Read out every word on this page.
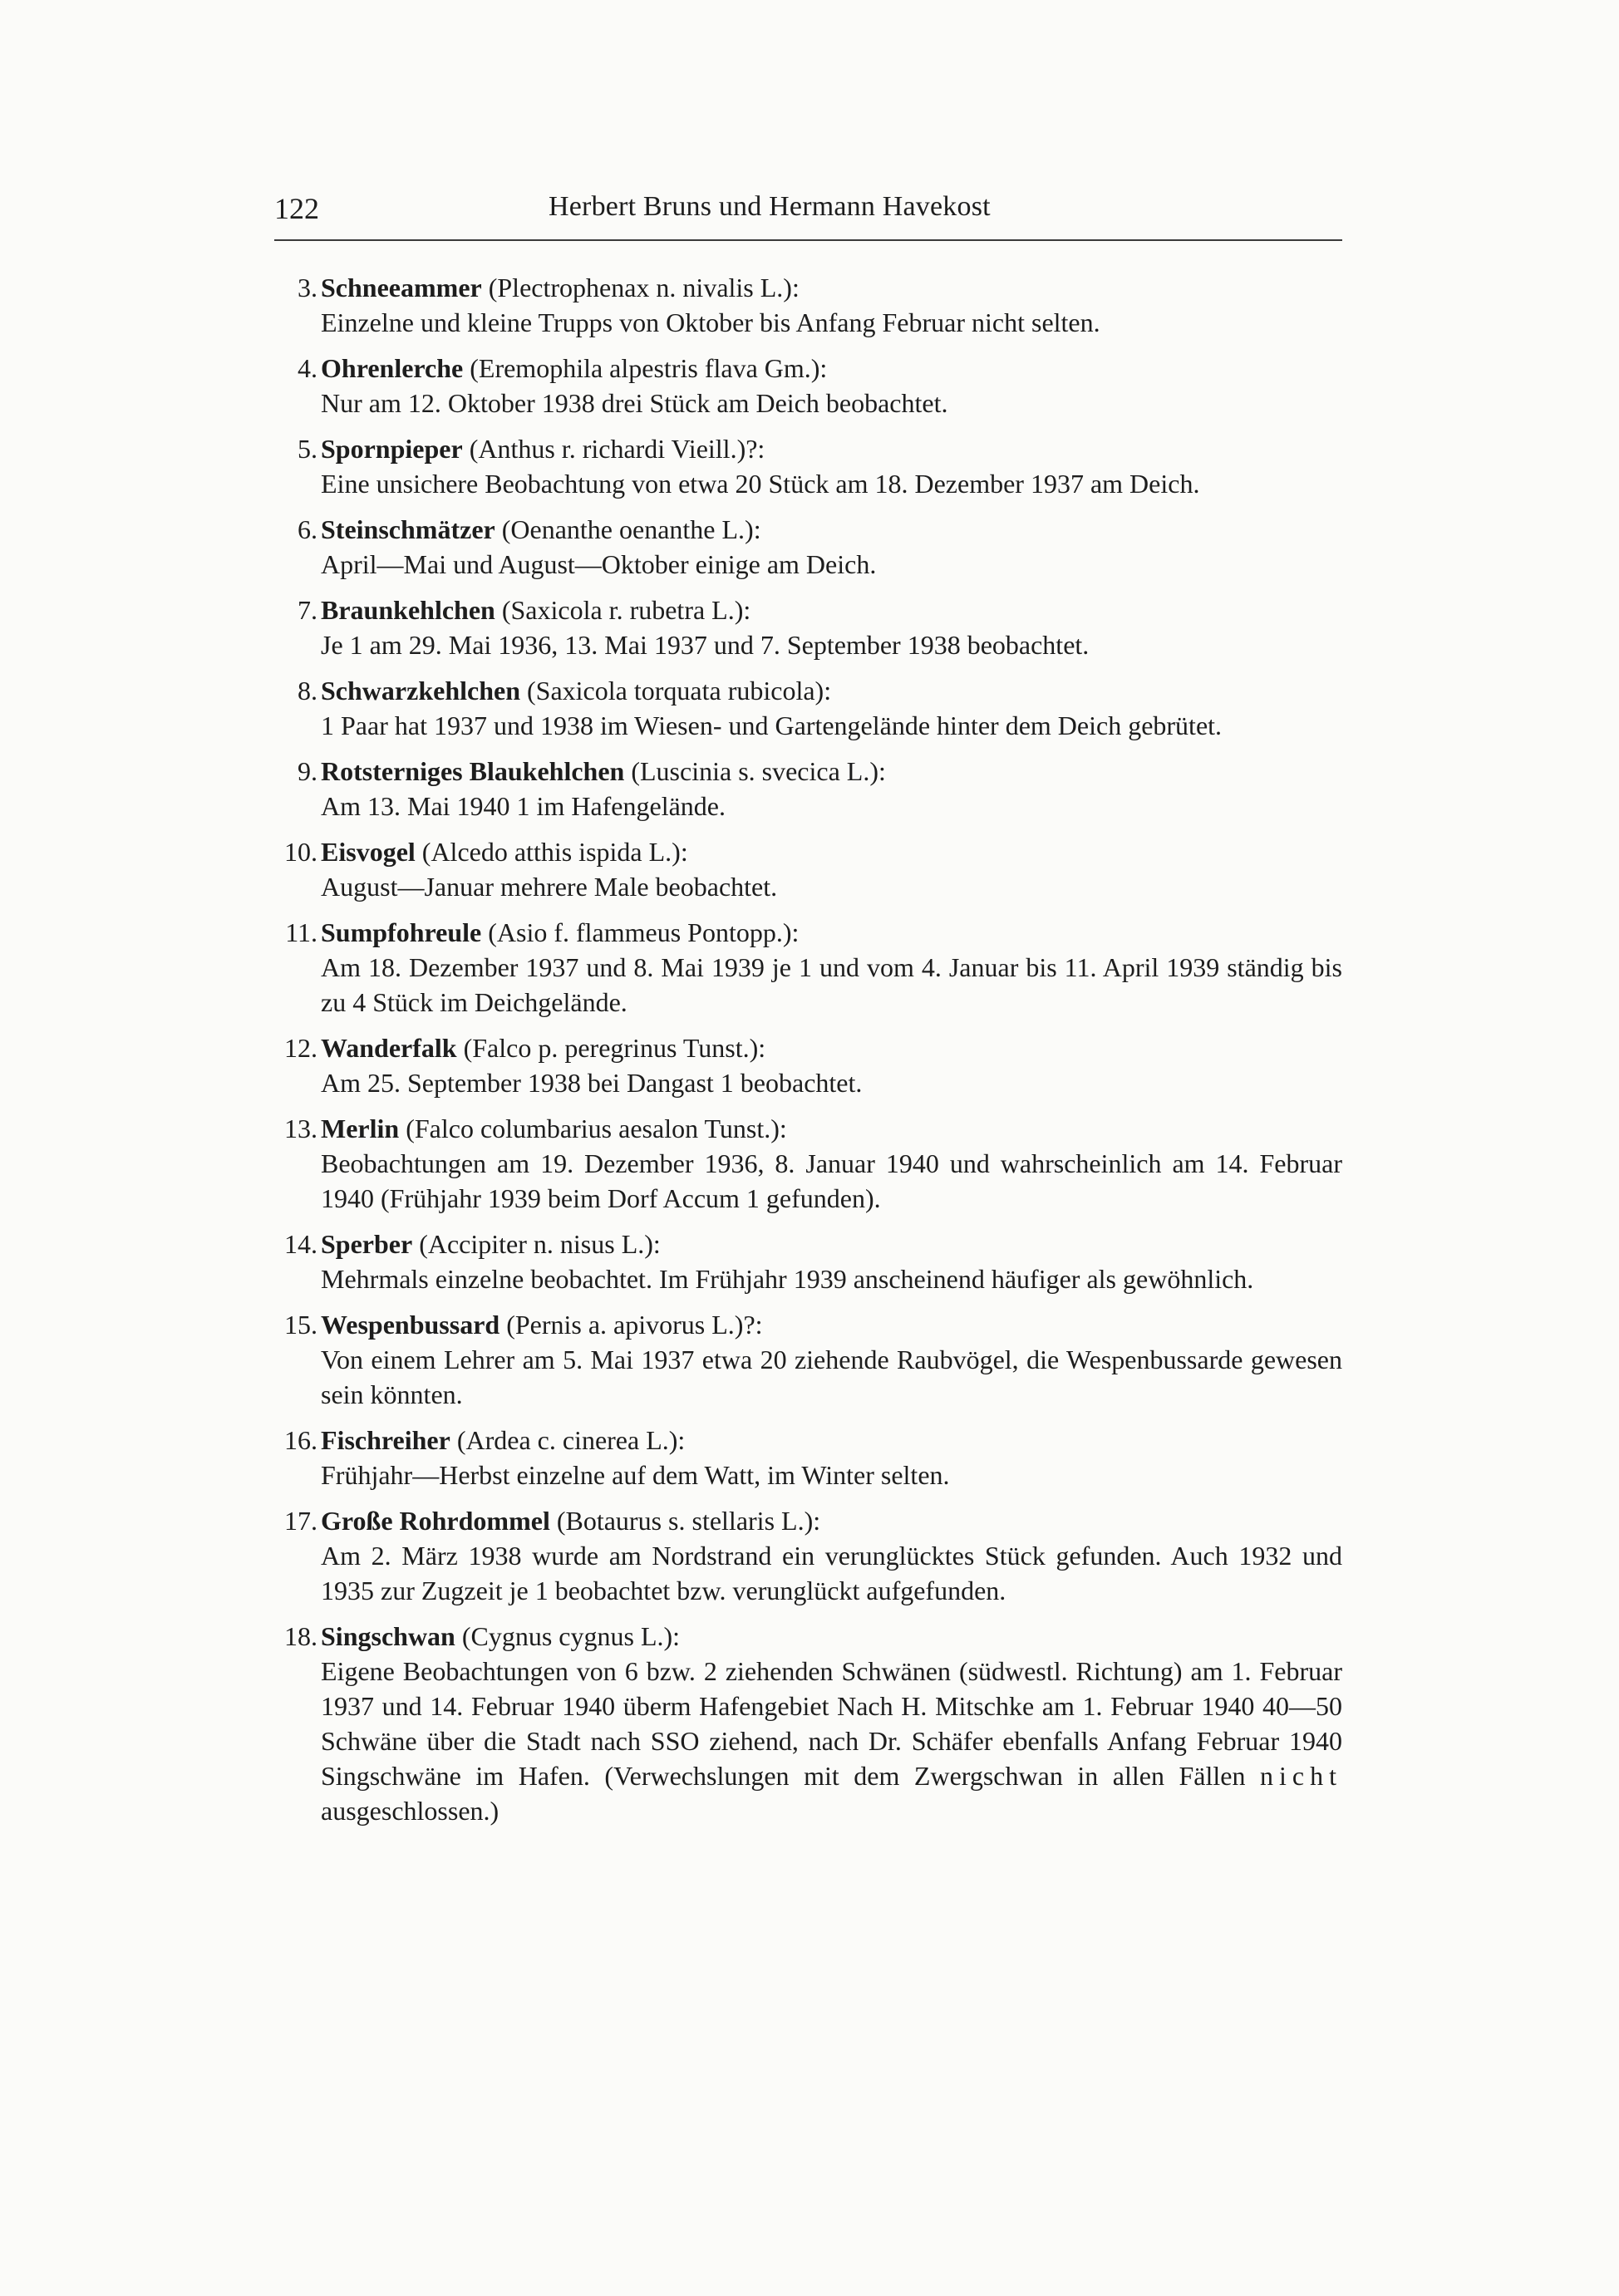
122	Herbert Bruns und Hermann Havekost
3. Schneeammer (Plectrophenax n. nivalis L.):

Einzelne und kleine Trupps von Oktober bis Anfang Februar nicht selten.

4. Ohrenlerche (Eremophila alpestris flava Gm.):

Nur am 12. Oktober 1938 drei Stück am Deich beobachtet.

5. Spornpieper (Anthus r. richardi Vieill.)?:

Eine unsichere Beobachtung von etwa 20 Stück am 18. Dezember 1937 am Deich.

6. Steinschmätzer (Oenanthe oenanthe L.):

April—Mai und August—Oktober einige am Deich.

7. Braunkehlchen (Saxicola r. rubetra L.):

Je 1 am 29. Mai 1936, 13. Mai 1937 und 7. September 1938 beobachtet.

8. Schwarzkehlchen (Saxicola torquata rubicola):

1 Paar hat 1937 und 1938 im Wiesen- und Gartengelände hinter dem Deich gebrütet.

9. Rotsterniges Blaukehlchen (Luscinia s. svecica L.):

Am 13. Mai 1940 1 im Hafengelände.

10. Eisvogel (Alcedo atthis ispida L.):

August—Januar mehrere Male beobachtet.

11. Sumpfohreule (Asio f. flammeus Pontopp.):

Am 18. Dezember 1937 und 8. Mai 1939 je 1 und vom 4. Januar bis 11. April 1939 ständig bis zu 4 Stück im Deichgelände.

12. Wanderfalk (Falco p. peregrinus Tunst.):

Am 25. September 1938 bei Dangast 1 beobachtet.

13. Merlin (Falco columbarius aesalon Tunst.):

Beobachtungen am 19. Dezember 1936, 8. Januar 1940 und wahrscheinlich am 14. Februar 1940 (Frühjahr 1939 beim Dorf Accum 1 gefunden).

14. Sperber (Accipiter n. nisus L.):

Mehrmals einzelne beobachtet. Im Frühjahr 1939 anscheinend häufiger als gewöhnlich.

15. Wespenbussard (Pernis a. apivorus L.)?:

Von einem Lehrer am 5. Mai 1937 etwa 20 ziehende Raubvögel, die Wespenbussarde gewesen sein könnten.

16. Fischreiher (Ardea c. cinerea L.):

Frühjahr—Herbst einzelne auf dem Watt, im Winter selten.

17. Große Rohrdommel (Botaurus s. stellaris L.):

Am 2. März 1938 wurde am Nordstrand ein verunglücktes Stück gefunden. Auch 1932 und 1935 zur Zugzeit je 1 beobachtet bzw. verunglückt aufgefunden.

18. Singschwan (Cygnus cygnus L.):

Eigene Beobachtungen von 6 bzw. 2 ziehenden Schwänen (südwestl. Richtung) am 1. Februar 1937 und 14. Februar 1940 überm Hafengebiet Nach H. Mitschke am 1. Februar 1940 40—50 Schwäne über die Stadt nach SSO ziehend, nach Dr. Schäfer ebenfalls Anfang Februar 1940 Singschwäne im Hafen. (Verwechslungen mit dem Zwergschwan in allen Fällen nicht ausgeschlossen.)
